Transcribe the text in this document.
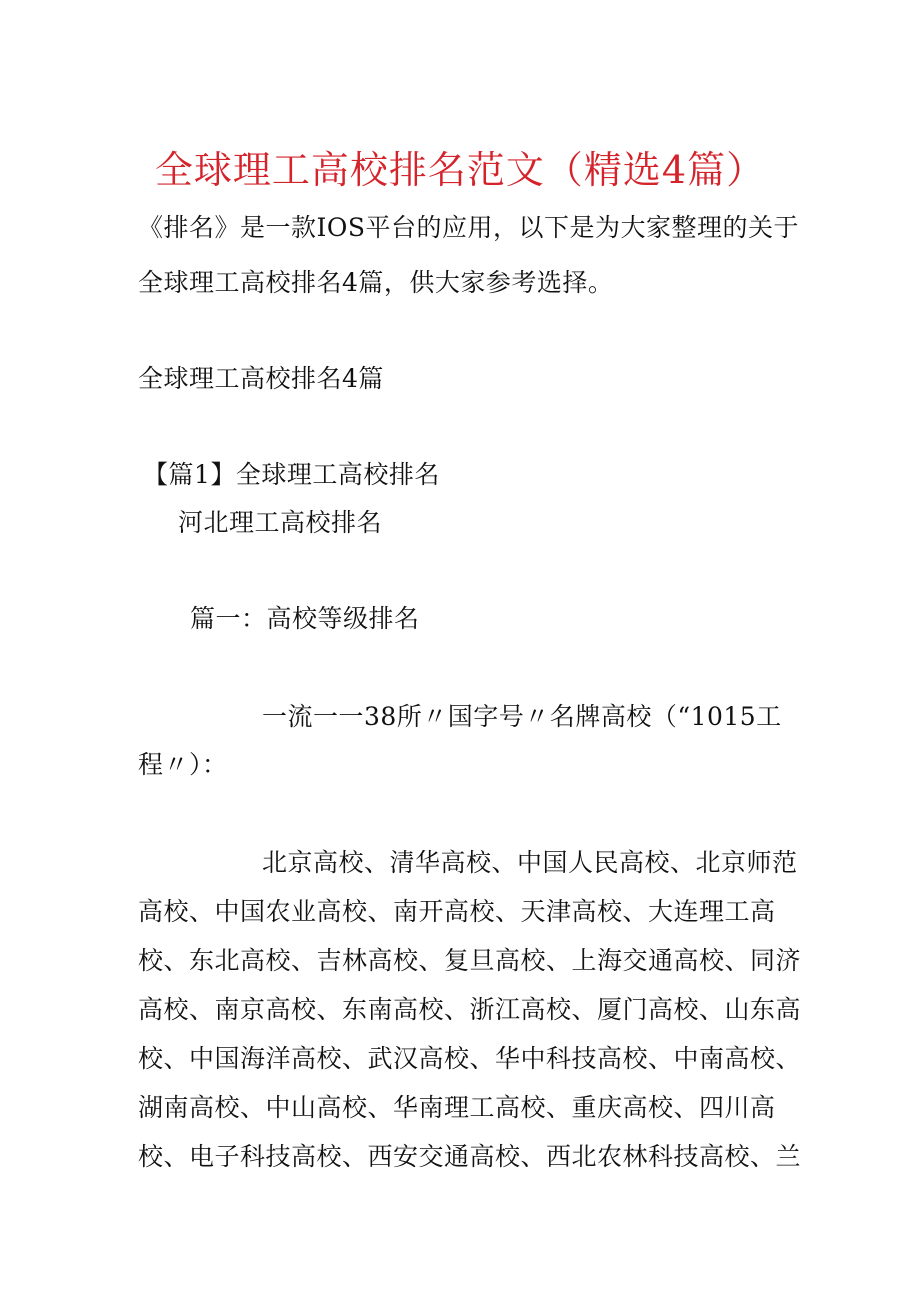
全球理工高校排名范文（精选4篇）
《排名》是一款IOS平台的应用，以下是为大家整理的关于
全球理工高校排名4篇，供大家参考选择。
全球理工高校排名4篇
【篇1】全球理工高校排名
河北理工高校排名
篇一：高校等级排名
一流一一38所〃国字号〃名牌高校（“1015工
程〃）：
北京高校、清华高校、中国人民高校、北京师范
高校、中国农业高校、南开高校、天津高校、大连理工高
校、东北高校、吉林高校、复旦高校、上海交通高校、同济
高校、南京高校、东南高校、浙江高校、厦门高校、山东高
校、中国海洋高校、武汉高校、华中科技高校、中南高校、
湖南高校、中山高校、华南理工高校、重庆高校、四川高
校、电子科技高校、西安交通高校、西北农林科技高校、兰
